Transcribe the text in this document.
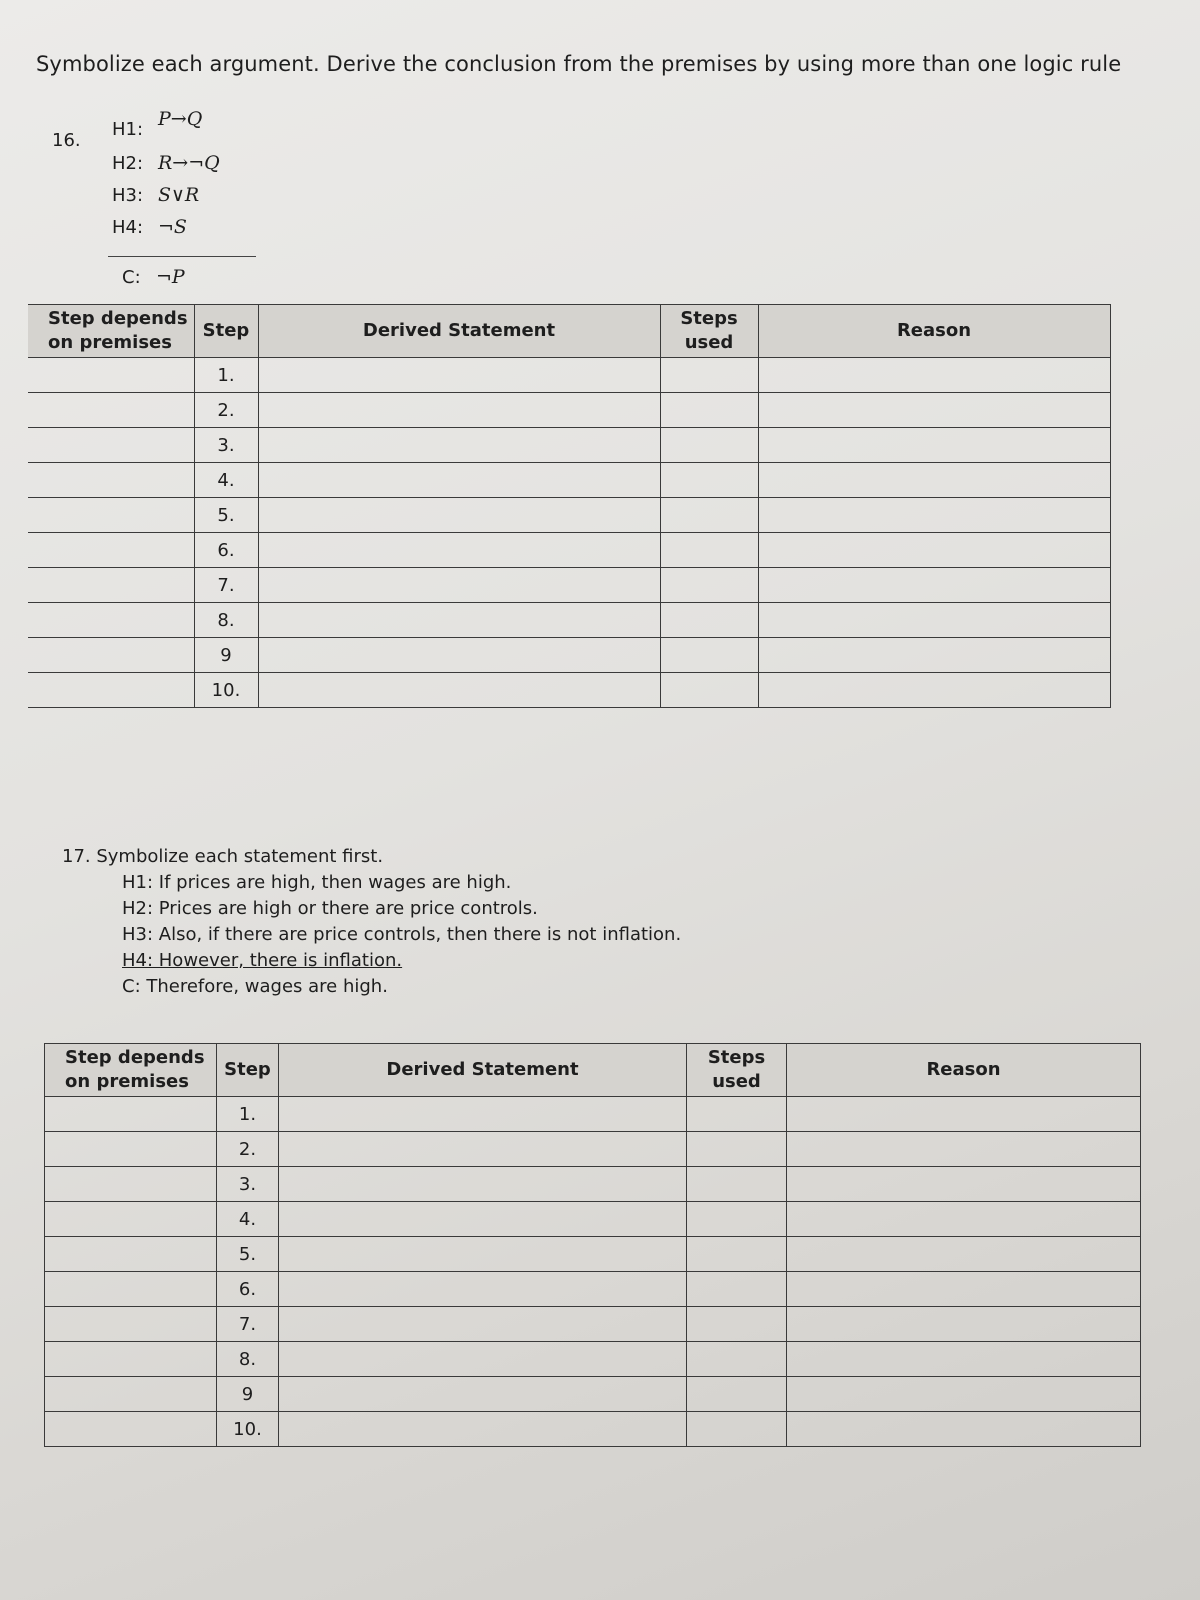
Symbolize each argument. Derive the conclusion from the premises by using more than one logic rule
16.
H1: P→Q
H2: R→¬Q
H3: S∨R
H4: ¬S
C: ¬P
Step depends on premises	Step	Derived Statement	Steps used	Reason
	1.			
	2.			
	3.			
	4.			
	5.			
	6.			
	7.			
	8.			
	9			
	10.			
17. Symbolize each statement first.
H1: If prices are high, then wages are high.
H2: Prices are high or there are price controls.
H3: Also, if there are price controls, then there is not inflation.
H4: However, there is inflation.
C: Therefore, wages are high.
Step depends on premises	Step	Derived Statement	Steps used	Reason
	1.			
	2.			
	3.			
	4.			
	5.			
	6.			
	7.			
	8.			
	9			
	10.			
